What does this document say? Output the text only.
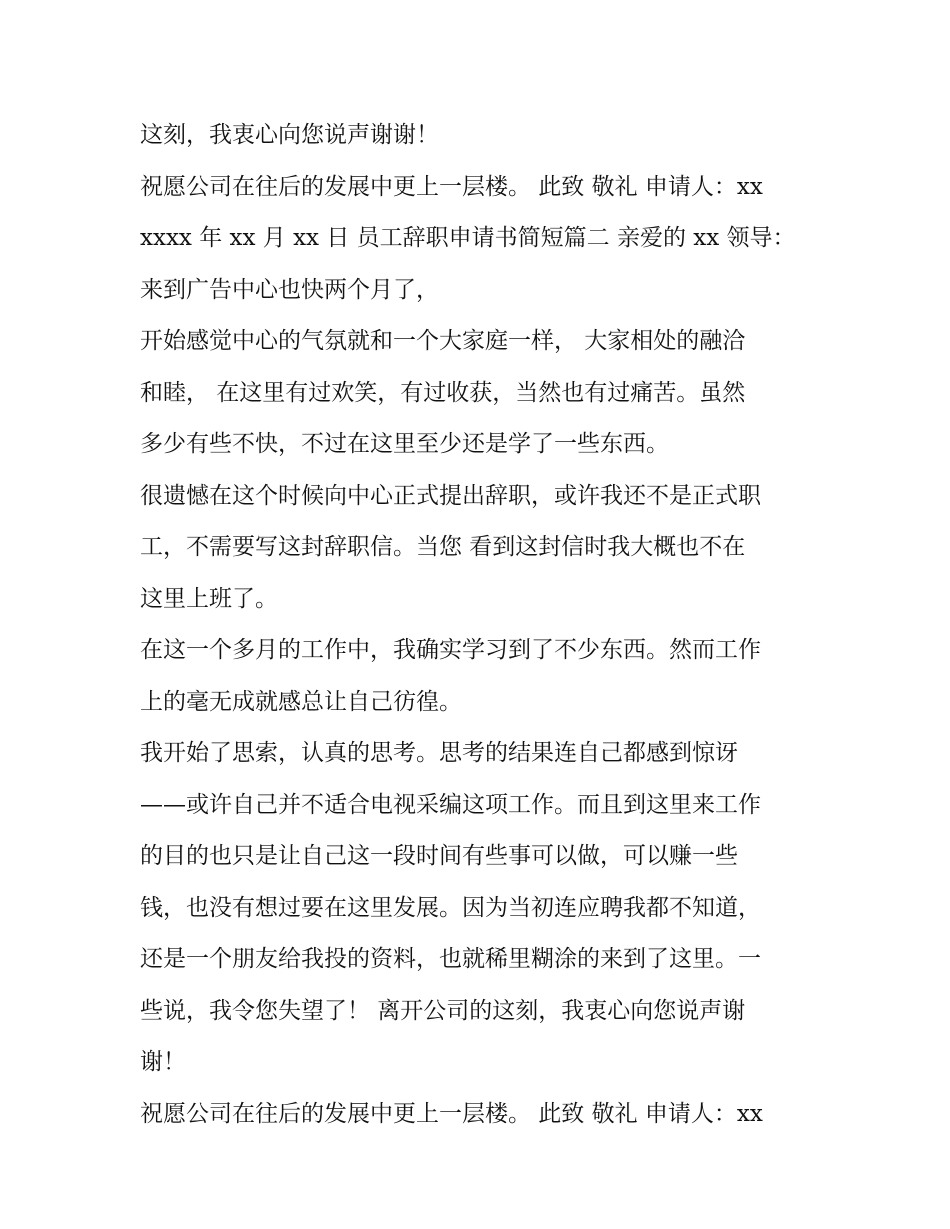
这刻，我衷心向您说声谢谢！
祝愿公司在往后的发展中更上一层楼。 此致 敬礼 申请人：xx
xxxx 年 xx 月 xx 日 员工辞职申请书简短篇二 亲爱的 xx 领导：
来到广告中心也快两个月了，
开始感觉中心的气氛就和一个大家庭一样， 大家相处的融洽
和睦， 在这里有过欢笑，有过收获，当然也有过痛苦。虽然
多少有些不快，不过在这里至少还是学了一些东西。
很遗憾在这个时候向中心正式提出辞职，或许我还不是正式职
工，不需要写这封辞职信。当您 看到这封信时我大概也不在
这里上班了。
在这一个多月的工作中，我确实学习到了不少东西。然而工作
上的毫无成就感总让自己彷徨。
我开始了思索，认真的思考。思考的结果连自己都感到惊讶
——或许自己并不适合电视采编这项工作。而且到这里来工作
的目的也只是让自己这一段时间有些事可以做，可以赚一些
钱，也没有想过要在这里发展。因为当初连应聘我都不知道，
还是一个朋友给我投的资料，也就稀里糊涂的来到了这里。一
些说，我令您失望了！ 离开公司的这刻，我衷心向您说声谢
谢！
祝愿公司在往后的发展中更上一层楼。 此致 敬礼 申请人：xx
